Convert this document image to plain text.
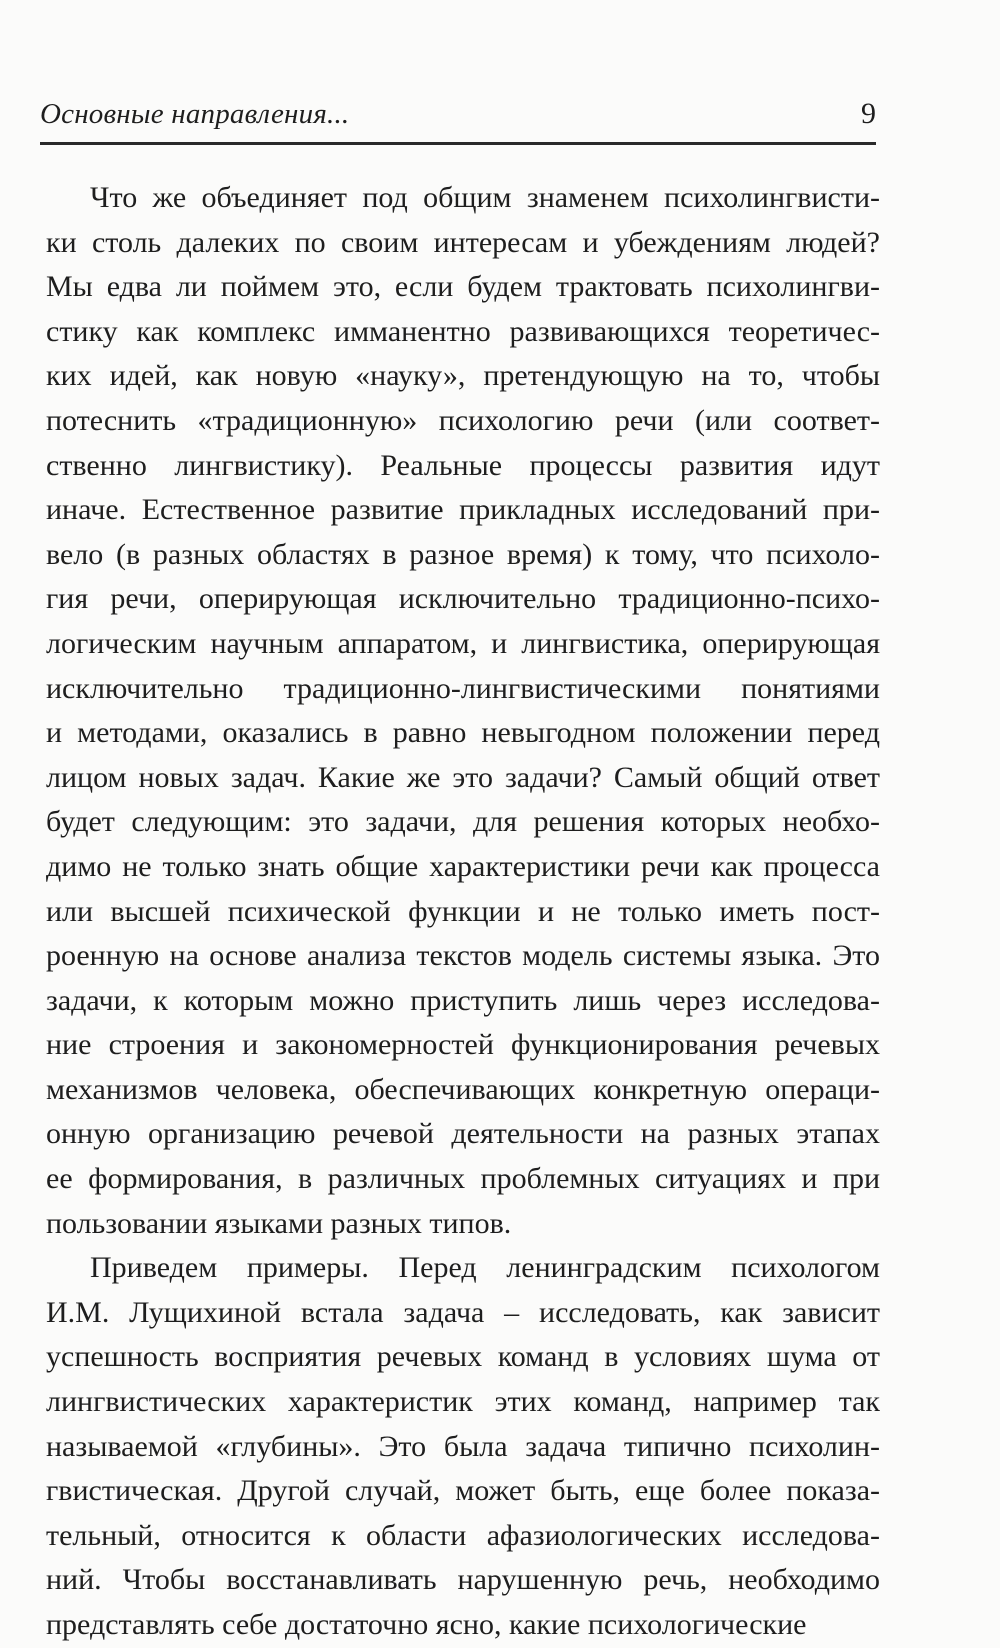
Основные направления...	9
Что же объединяет под общим знаменем психолингвисти-
ки столь далеких по своим интересам и убеждениям людей?
Мы едва ли поймем это, если будем трактовать психолингви-
стику как комплекс имманентно развивающихся теоретичес-
ких идей, как новую «науку», претендующую на то, чтобы
потеснить «традиционную» психологию речи (или соответ-
ственно лингвистику). Реальные процессы развития идут
иначе. Естественное развитие прикладных исследований при-
вело (в разных областях в разное время) к тому, что психоло-
гия речи, оперирующая исключительно традиционно-психо-
логическим научным аппаратом, и лингвистика, оперирующая
исключительно традиционно-лингвистическими понятиями
и методами, оказались в равно невыгодном положении перед
лицом новых задач. Какие же это задачи? Самый общий ответ
будет следующим: это задачи, для решения которых необхо-
димо не только знать общие характеристики речи как процесса
или высшей психической функции и не только иметь пост-
роенную на основе анализа текстов модель системы языка. Это
задачи, к которым можно приступить лишь через исследова-
ние строения и закономерностей функционирования речевых
механизмов человека, обеспечивающих конкретную операци-
онную организацию речевой деятельности на разных этапах
ее формирования, в различных проблемных ситуациях и при
пользовании языками разных типов.
Приведем примеры. Перед ленинградским психологом
И.М. Лущихиной встала задача – исследовать, как зависит
успешность восприятия речевых команд в условиях шума от
лингвистических характеристик этих команд, например так
называемой «глубины». Это была задача типично психолин-
гвистическая. Другой случай, может быть, еще более показа-
тельный, относится к области афазиологических исследова-
ний. Чтобы восстанавливать нарушенную речь, необходимо
представлять себе достаточно ясно, какие психологические
